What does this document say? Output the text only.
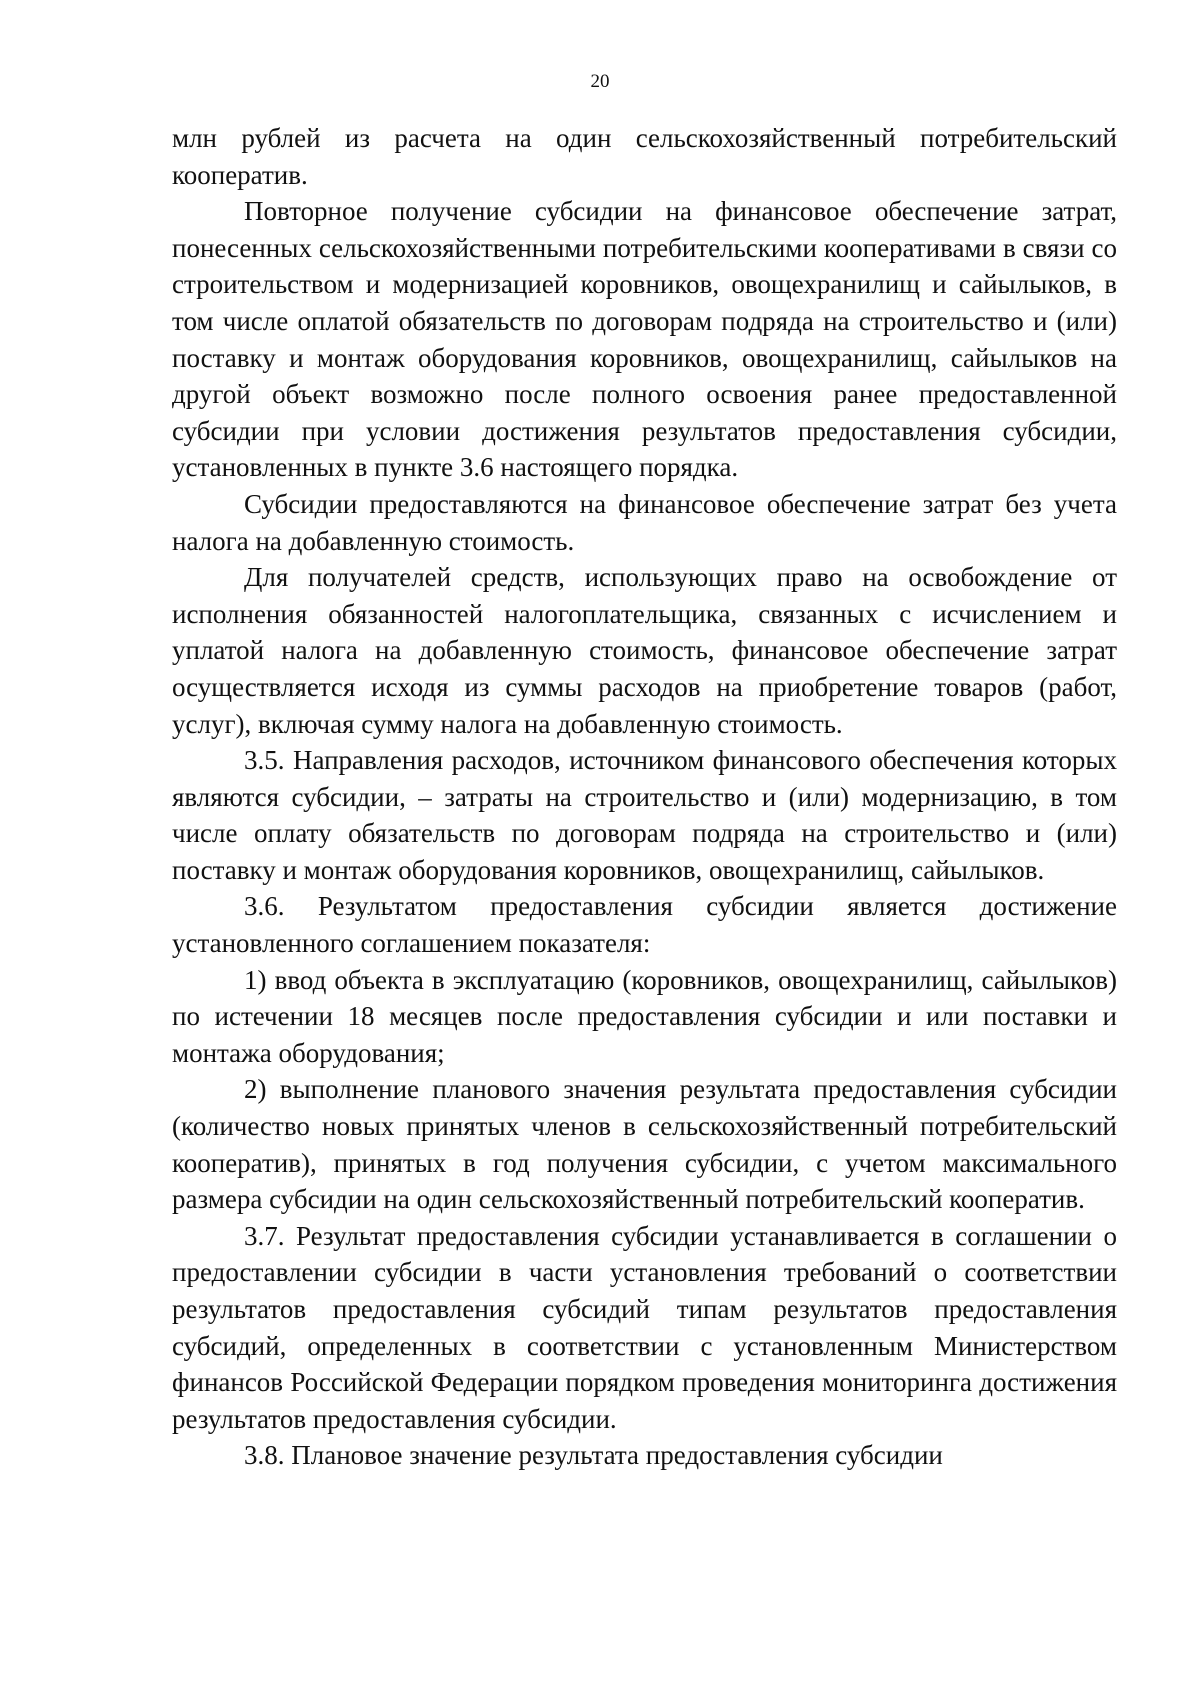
20

млн рублей из расчета на один сельскохозяйственный потребительский кооператив.

Повторное получение субсидии на финансовое обеспечение затрат, понесенных сельскохозяйственными потребительскими кооперативами в связи со строительством и модернизацией коровников, овощехранилищ и сайылыков, в том числе оплатой обязательств по договорам подряда на строительство и (или) поставку и монтаж оборудования коровников, овощехранилищ, сайылыков на другой объект возможно после полного освоения ранее предоставленной субсидии при условии достижения результатов предоставления субсидии, установленных в пункте 3.6 настоящего порядка.

Субсидии предоставляются на финансовое обеспечение затрат без учета налога на добавленную стоимость.

Для получателей средств, использующих право на освобождение от исполнения обязанностей налогоплательщика, связанных с исчислением и уплатой налога на добавленную стоимость, финансовое обеспечение затрат осуществляется исходя из суммы расходов на приобретение товаров (работ, услуг), включая сумму налога на добавленную стоимость.

3.5. Направления расходов, источником финансового обеспечения которых являются субсидии, – затраты на строительство и (или) модернизацию, в том числе оплату обязательств по договорам подряда на строительство и (или) поставку и монтаж оборудования коровников, овощехранилищ, сайылыков.

3.6. Результатом предоставления субсидии является достижение установленного соглашением показателя:

1) ввод объекта в эксплуатацию (коровников, овощехранилищ, сайылыков) по истечении 18 месяцев после предоставления субсидии и или поставки и монтажа оборудования;

2) выполнение планового значения результата предоставления субсидии (количество новых принятых членов в сельскохозяйственный потребительский кооператив), принятых в год получения субсидии, с учетом максимального размера субсидии на один сельскохозяйственный потребительский кооператив.

3.7. Результат предоставления субсидии устанавливается в соглашении о предоставлении субсидии в части установления требований о соответствии результатов предоставления субсидий типам результатов предоставления субсидий, определенных в соответствии с установленным Министерством финансов Российской Федерации порядком проведения мониторинга достижения результатов предоставления субсидии.

3.8. Плановое значение результата предоставления субсидии
